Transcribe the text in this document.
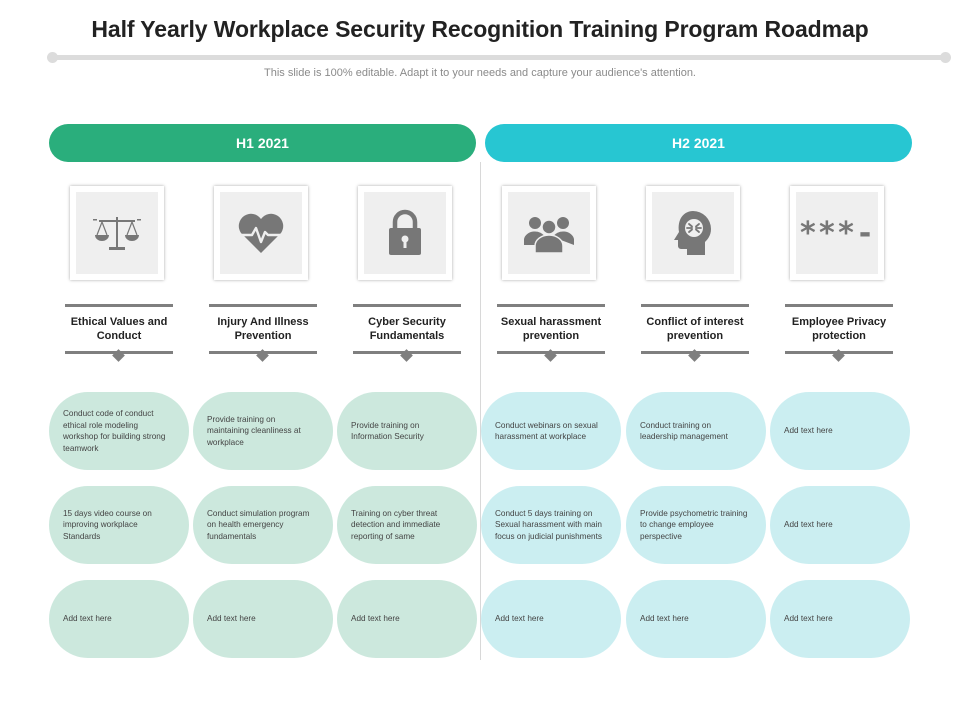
Half Yearly Workplace Security Recognition Training Program Roadmap
This slide is 100% editable. Adapt it to your needs and capture your audience's attention.
H1 2021	H2 2021
Ethical Values and Conduct
Injury And Illness Prevention
Cyber Security Fundamentals
Sexual harassment prevention
Conflict of interest prevention
***-
Employee Privacy protection
Conduct code of conduct ethical role modeling workshop for building strong teamwork
Provide training on maintaining cleanliness at workplace
Provide training on Information Security
Conduct webinars on sexual harassment at workplace
Conduct training on leadership management
Add text here
15 days video course on improving workplace Standards
Conduct simulation program on health emergency fundamentals
Training on cyber threat detection and immediate reporting of same
Conduct 5 days training on Sexual harassment with main focus on judicial punishments
Provide psychometric training to change employee perspective
Add text here
Add text here	Add text here	Add text here	Add text here	Add text here	Add text here
